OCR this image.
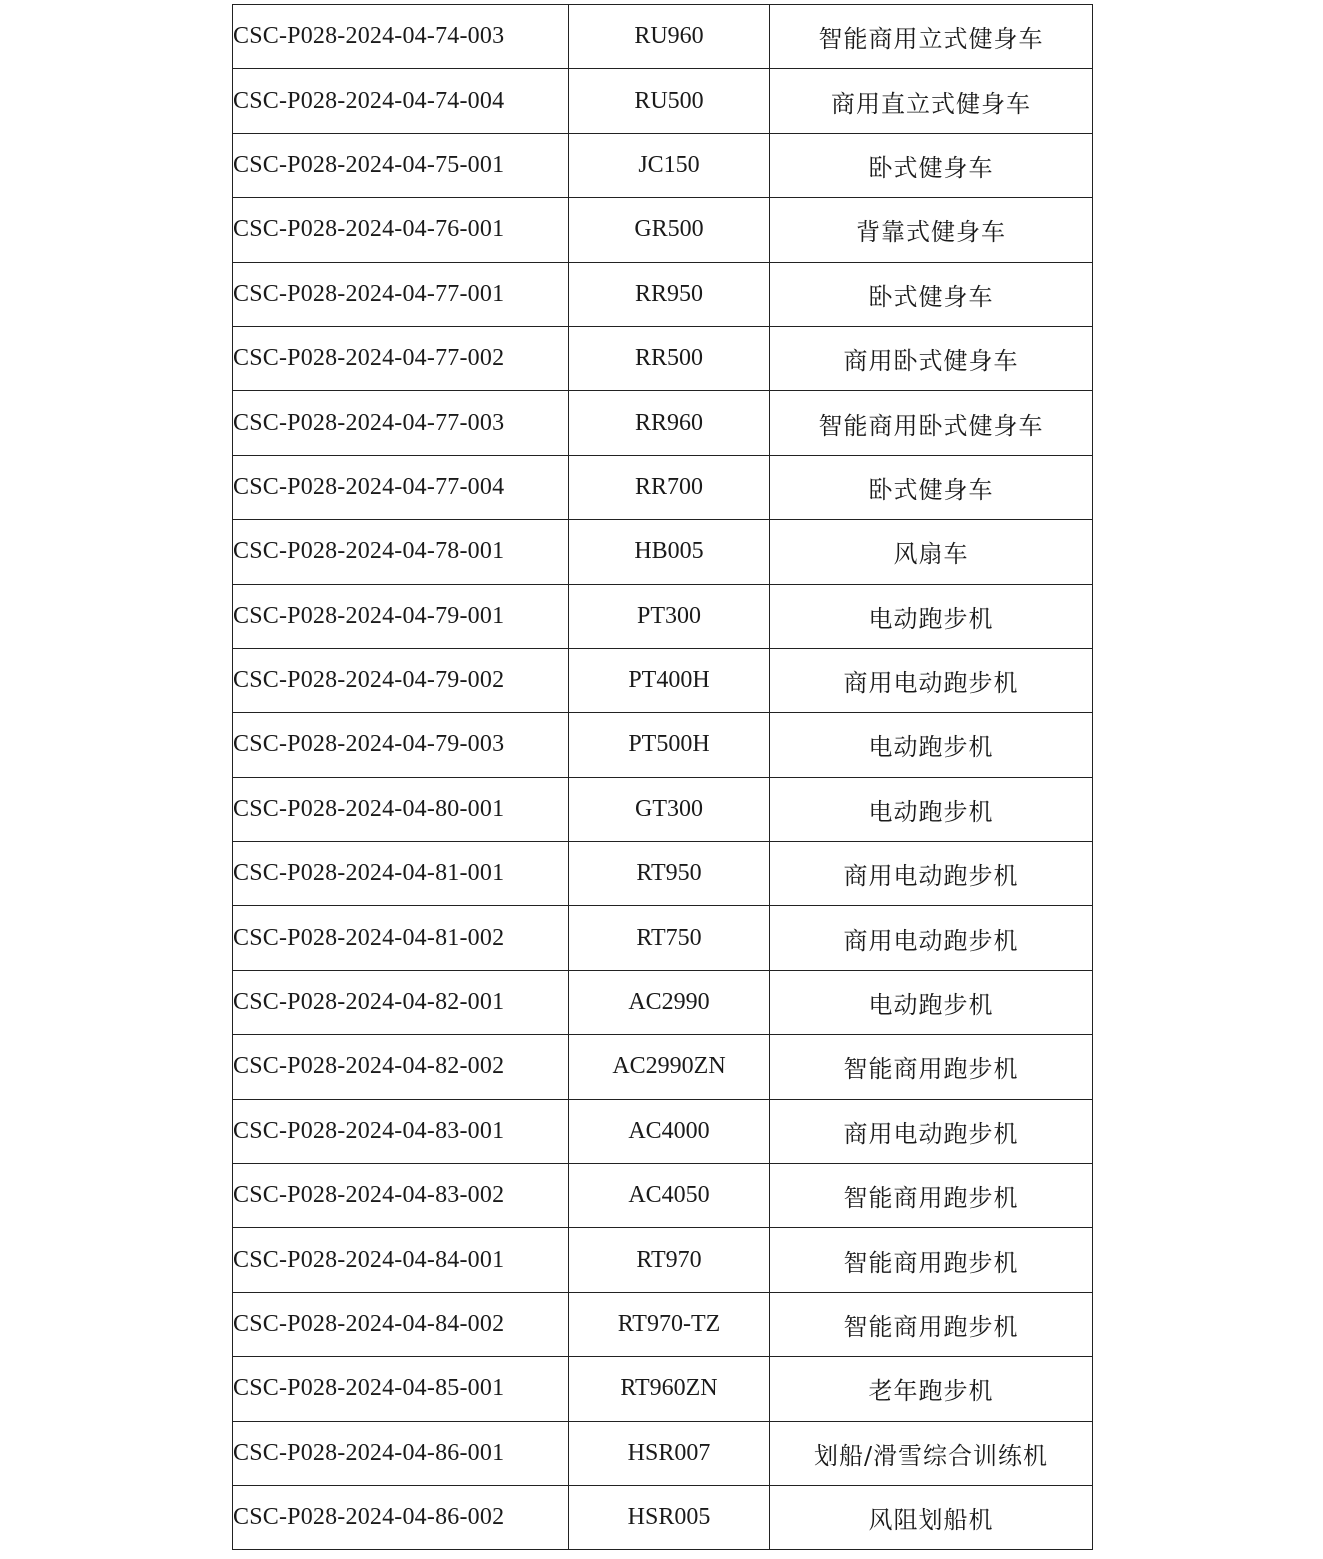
CSC-P028-2024-04-74-003	RU960	智能商用立式健身车
CSC-P028-2024-04-74-004	RU500	商用直立式健身车
CSC-P028-2024-04-75-001	JC150	卧式健身车
CSC-P028-2024-04-76-001	GR500	背靠式健身车
CSC-P028-2024-04-77-001	RR950	卧式健身车
CSC-P028-2024-04-77-002	RR500	商用卧式健身车
CSC-P028-2024-04-77-003	RR960	智能商用卧式健身车
CSC-P028-2024-04-77-004	RR700	卧式健身车
CSC-P028-2024-04-78-001	HB005	风扇车
CSC-P028-2024-04-79-001	PT300	电动跑步机
CSC-P028-2024-04-79-002	PT400H	商用电动跑步机
CSC-P028-2024-04-79-003	PT500H	电动跑步机
CSC-P028-2024-04-80-001	GT300	电动跑步机
CSC-P028-2024-04-81-001	RT950	商用电动跑步机
CSC-P028-2024-04-81-002	RT750	商用电动跑步机
CSC-P028-2024-04-82-001	AC2990	电动跑步机
CSC-P028-2024-04-82-002	AC2990ZN	智能商用跑步机
CSC-P028-2024-04-83-001	AC4000	商用电动跑步机
CSC-P028-2024-04-83-002	AC4050	智能商用跑步机
CSC-P028-2024-04-84-001	RT970	智能商用跑步机
CSC-P028-2024-04-84-002	RT970-TZ	智能商用跑步机
CSC-P028-2024-04-85-001	RT960ZN	老年跑步机
CSC-P028-2024-04-86-001	HSR007	划船/滑雪综合训练机
CSC-P028-2024-04-86-002	HSR005	风阻划船机
